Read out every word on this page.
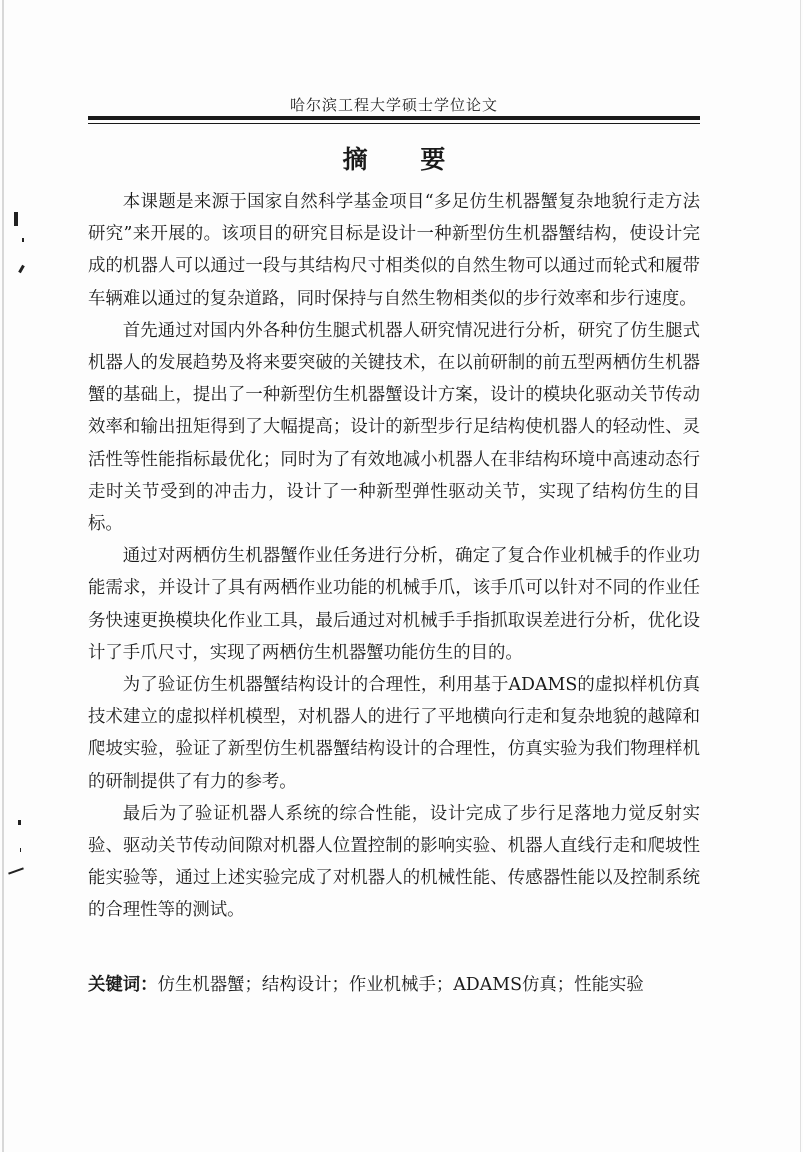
哈尔滨工程大学硕士学位论文
摘 要

本课题是来源于国家自然科学基金项目“多足仿生机器蟹复杂地貌行走方法研究”来开展的。该项目的研究目标是设计一种新型仿生机器蟹结构，使设计完成的机器人可以通过一段与其结构尺寸相类似的自然生物可以通过而轮式和履带车辆难以通过的复杂道路，同时保持与自然生物相类似的步行效率和步行速度。

首先通过对国内外各种仿生腿式机器人研究情况进行分析，研究了仿生腿式机器人的发展趋势及将来要突破的关键技术，在以前研制的前五型两栖仿生机器蟹的基础上，提出了一种新型仿生机器蟹设计方案，设计的模块化驱动关节传动效率和输出扭矩得到了大幅提高；设计的新型步行足结构使机器人的轻动性、灵活性等性能指标最优化；同时为了有效地减小机器人在非结构环境中高速动态行走时关节受到的冲击力，设计了一种新型弹性驱动关节，实现了结构仿生的目标。

通过对两栖仿生机器蟹作业任务进行分析，确定了复合作业机械手的作业功能需求，并设计了具有两栖作业功能的机械手爪，该手爪可以针对不同的作业任务快速更换模块化作业工具，最后通过对机械手手指抓取误差进行分析，优化设计了手爪尺寸，实现了两栖仿生机器蟹功能仿生的目的。

为了验证仿生机器蟹结构设计的合理性，利用基于ADAMS的虚拟样机仿真技术建立的虚拟样机模型，对机器人的进行了平地横向行走和复杂地貌的越障和爬坡实验，验证了新型仿生机器蟹结构设计的合理性，仿真实验为我们物理样机的研制提供了有力的参考。

最后为了验证机器人系统的综合性能，设计完成了步行足落地力觉反射实验、驱动关节传动间隙对机器人位置控制的影响实验、机器人直线行走和爬坡性能实验等，通过上述实验完成了对机器人的机械性能、传感器性能以及控制系统的合理性等的测试。

关键词：仿生机器蟹；结构设计；作业机械手；ADAMS仿真；性能实验
